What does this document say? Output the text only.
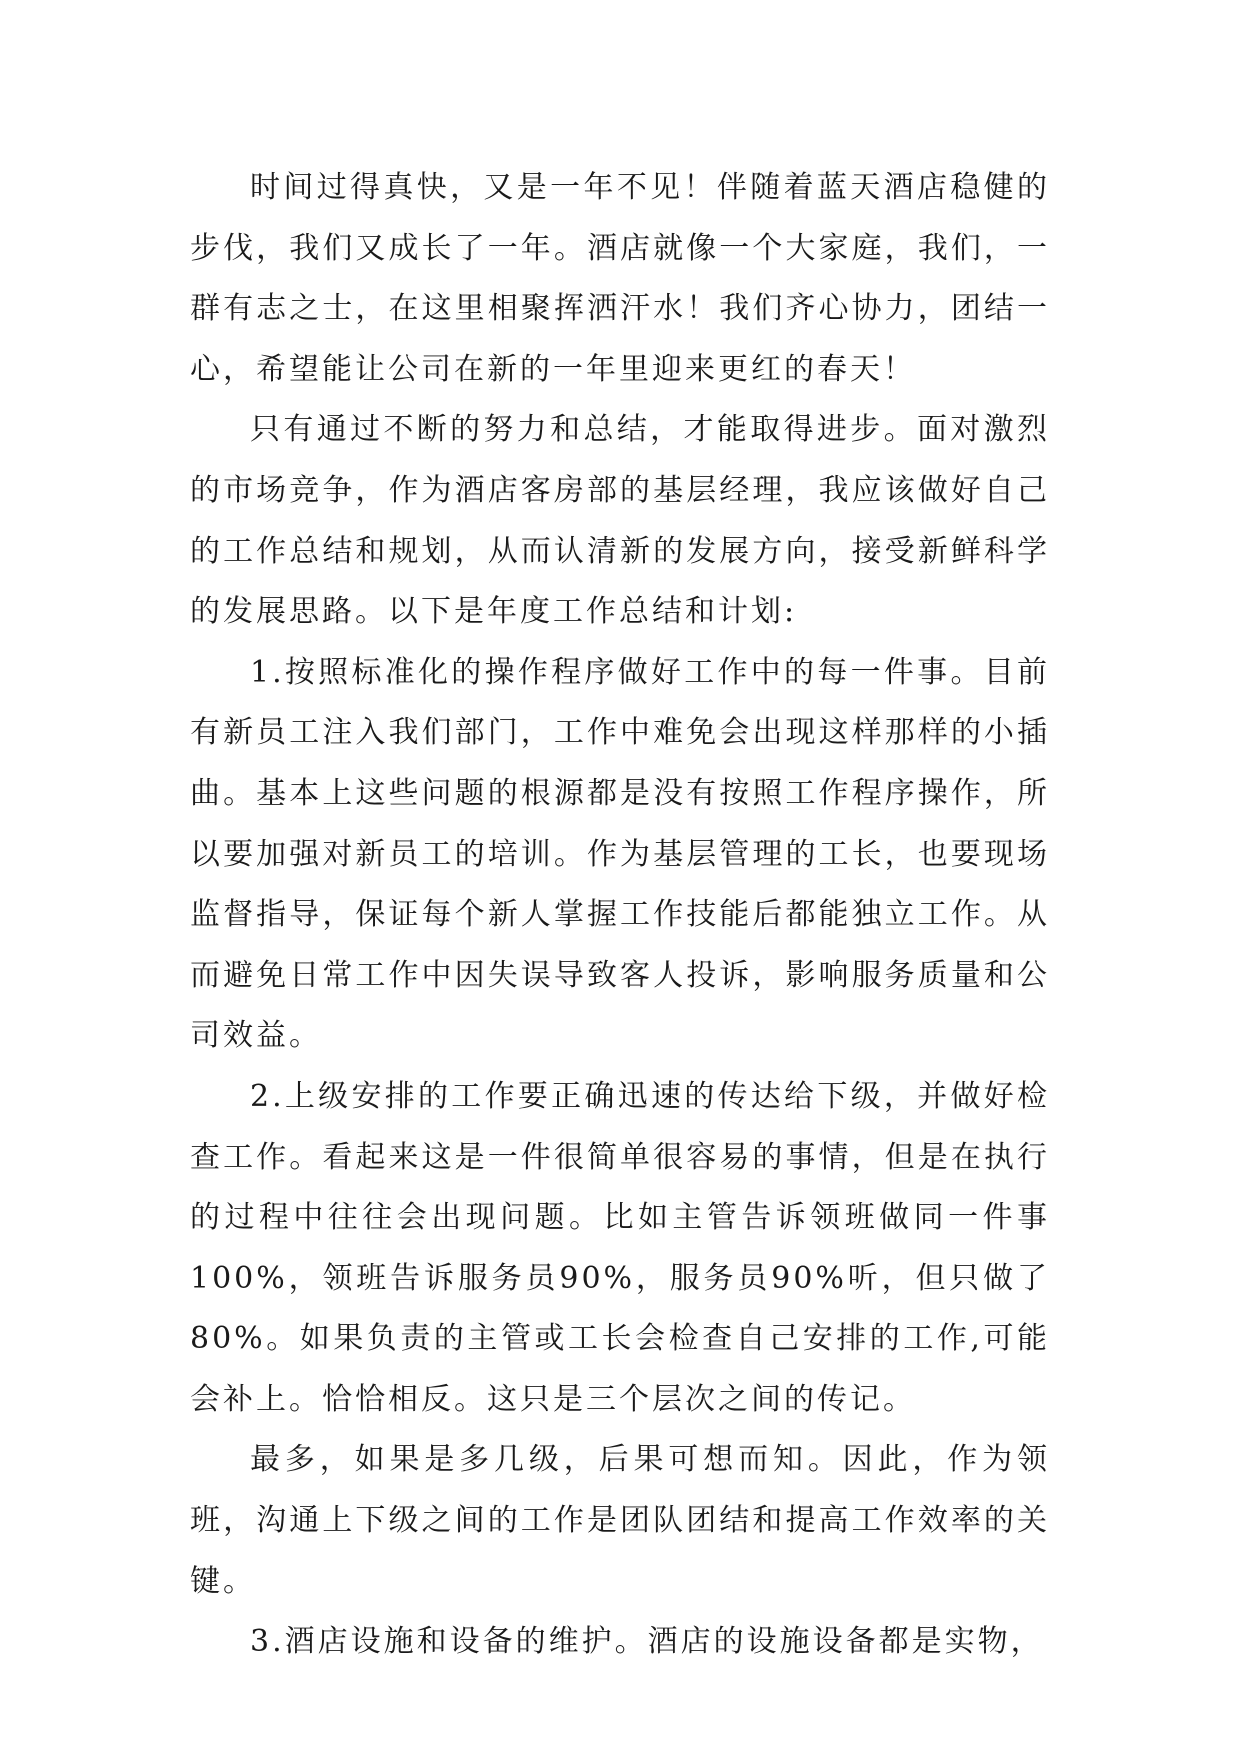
时间过得真快，又是一年不见！伴随着蓝天酒店稳健的步伐，我们又成长了一年。酒店就像一个大家庭，我们，一群有志之士，在这里相聚挥洒汗水！我们齐心协力，团结一心，希望能让公司在新的一年里迎来更红的春天！

只有通过不断的努力和总结，才能取得进步。面对激烈的市场竞争，作为酒店客房部的基层经理，我应该做好自己的工作总结和规划，从而认清新的发展方向，接受新鲜科学的发展思路。以下是年度工作总结和计划:

1.按照标准化的操作程序做好工作中的每一件事。目前有新员工注入我们部门，工作中难免会出现这样那样的小插曲。基本上这些问题的根源都是没有按照工作程序操作，所以要加强对新员工的培训。作为基层管理的工长，也要现场监督指导，保证每个新人掌握工作技能后都能独立工作。从而避免日常工作中因失误导致客人投诉，影响服务质量和公司效益。

2.上级安排的工作要正确迅速的传达给下级，并做好检查工作。看起来这是一件很简单很容易的事情，但是在执行的过程中往往会出现问题。比如主管告诉领班做同一件事100%，领班告诉服务员90%，服务员90%听，但只做了80%。如果负责的主管或工长会检查自己安排的工作,可能会补上。恰恰相反。这只是三个层次之间的传记。

最多，如果是多几级，后果可想而知。因此，作为领班，沟通上下级之间的工作是团队团结和提高工作效率的关键。

3.酒店设施和设备的维护。酒店的设施设备都是实物，
